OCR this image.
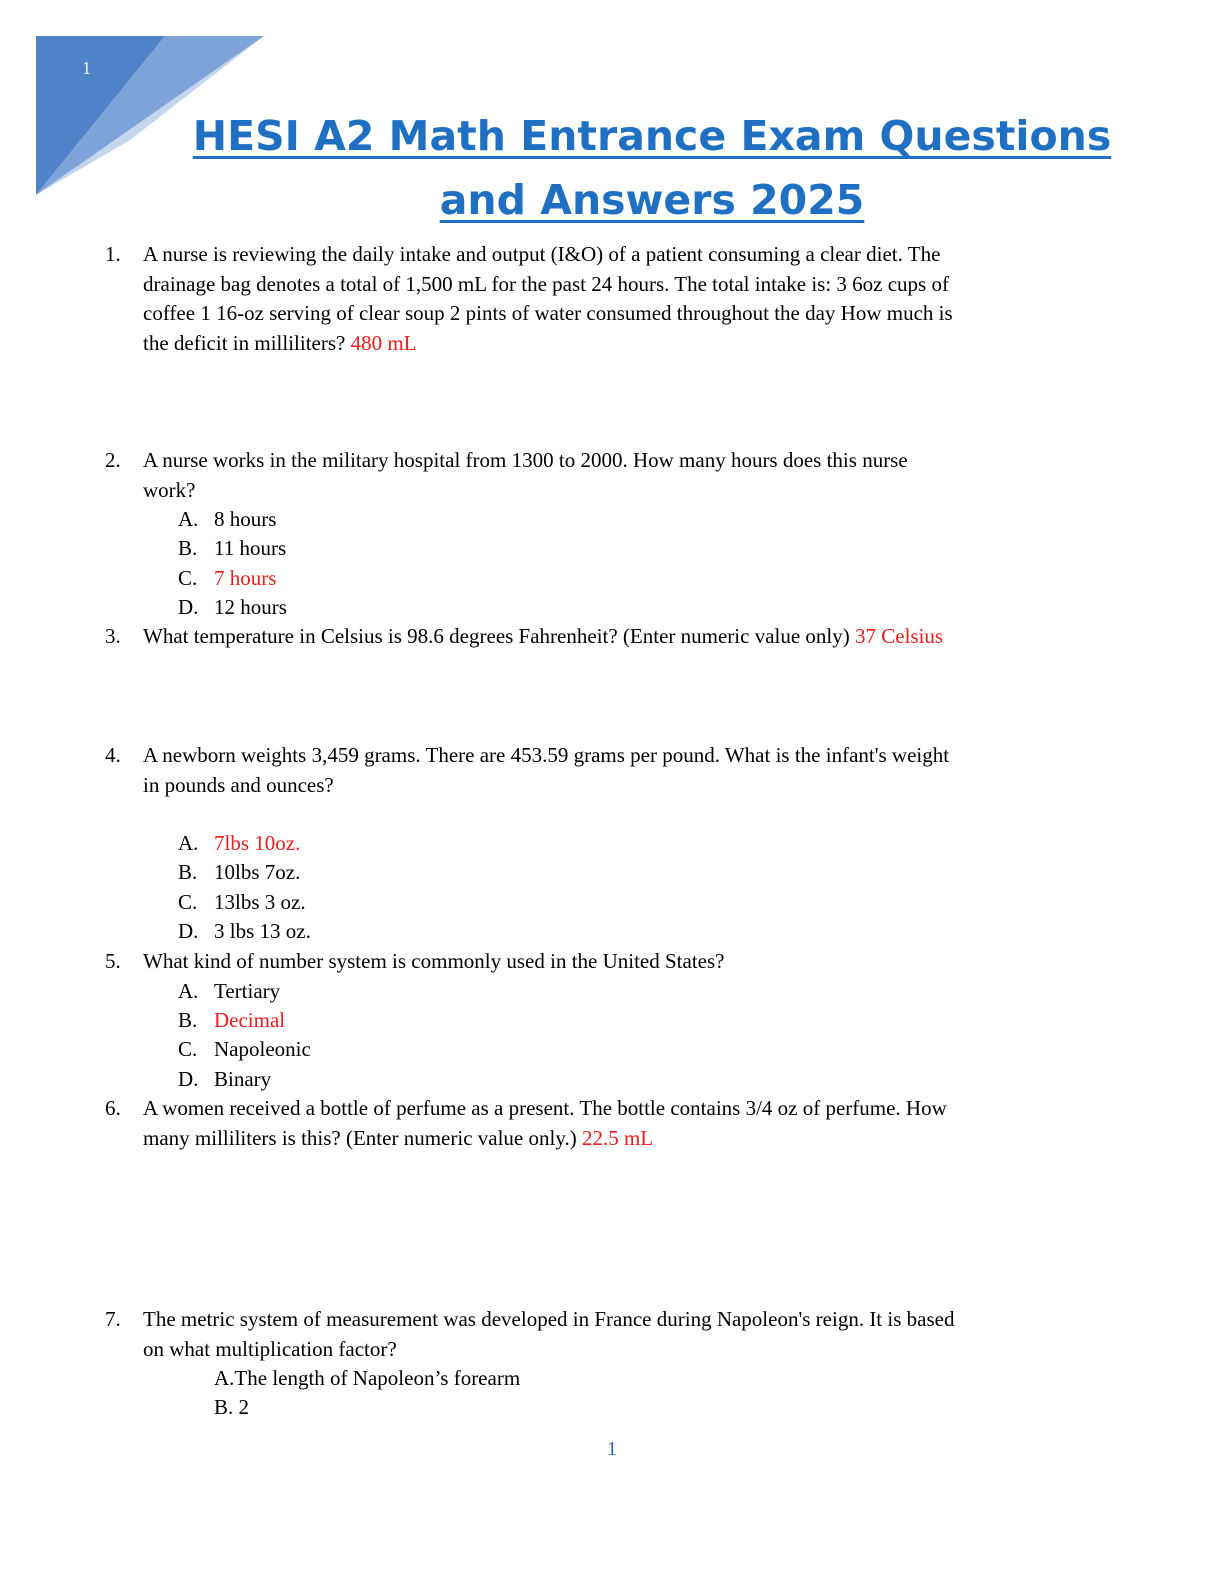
1
HESI A2 Math Entrance Exam Questions
and Answers 2025
1. A nurse is reviewing the daily intake and output (I&O) of a patient consuming a clear diet. The
drainage bag denotes a total of 1,500 mL for the past 24 hours. The total intake is: 3 6oz cups of
coffee 1 16-oz serving of clear soup 2 pints of water consumed throughout the day How much is
the deficit in milliliters? 480 mL
2. A nurse works in the military hospital from 1300 to 2000. How many hours does this nurse
work?
A. 8 hours
B. 11 hours
C. 7 hours
D. 12 hours
3. What temperature in Celsius is 98.6 degrees Fahrenheit? (Enter numeric value only) 37 Celsius
4. A newborn weights 3,459 grams. There are 453.59 grams per pound. What is the infant's weight
in pounds and ounces?
A. 7lbs 10oz.
B. 10lbs 7oz.
C. 13lbs 3 oz.
D. 3 lbs 13 oz.
5. What kind of number system is commonly used in the United States?
A. Tertiary
B. Decimal
C. Napoleonic
D. Binary
6. A women received a bottle of perfume as a present. The bottle contains 3/4 oz of perfume. How
many milliliters is this? (Enter numeric value only.) 22.5 mL
7. The metric system of measurement was developed in France during Napoleon's reign. It is based
on what multiplication factor?
A.The length of Napoleon’s forearm
B. 2
1
